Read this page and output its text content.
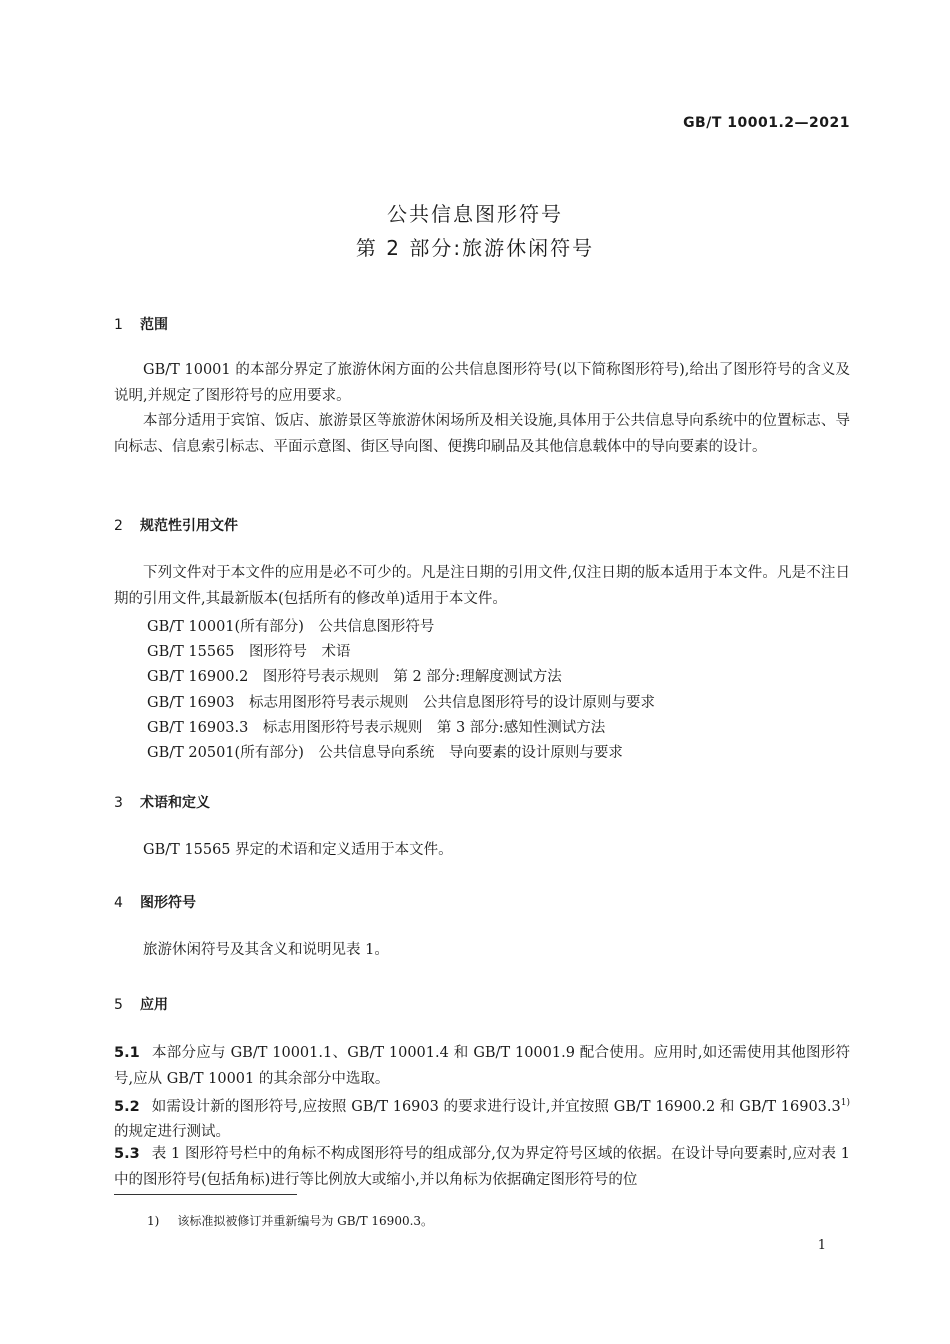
GB/T 10001.2—2021
公共信息图形符号
第 2 部分:旅游休闲符号
1 范围

GB/T 10001 的本部分界定了旅游休闲方面的公共信息图形符号(以下简称图形符号),给出了图形符号的含义及说明,并规定了图形符号的应用要求。

本部分适用于宾馆、饭店、旅游景区等旅游休闲场所及相关设施,具体用于公共信息导向系统中的位置标志、导向标志、信息索引标志、平面示意图、街区导向图、便携印刷品及其他信息载体中的导向要素的设计。

2 规范性引用文件

下列文件对于本文件的应用是必不可少的。凡是注日期的引用文件,仅注日期的版本适用于本文件。凡是不注日期的引用文件,其最新版本(包括所有的修改单)适用于本文件。

GB/T 10001(所有部分)　公共信息图形符号
GB/T 15565　图形符号　术语
GB/T 16900.2　图形符号表示规则　第 2 部分:理解度测试方法
GB/T 16903　标志用图形符号表示规则　公共信息图形符号的设计原则与要求
GB/T 16903.3　标志用图形符号表示规则　第 3 部分:感知性测试方法
GB/T 20501(所有部分)　公共信息导向系统　导向要素的设计原则与要求
3 术语和定义

GB/T 15565 界定的术语和定义适用于本文件。

4 图形符号

旅游休闲符号及其含义和说明见表 1。

5 应用

5.1 本部分应与 GB/T 10001.1、GB/T 10001.4 和 GB/T 10001.9 配合使用。应用时,如还需使用其他图形符号,应从 GB/T 10001 的其余部分中选取。

5.2 如需设计新的图形符号,应按照 GB/T 16903 的要求进行设计,并宜按照 GB/T 16900.2 和 GB/T 16903.3$^{1)}$的规定进行测试。

5.3 表 1 图形符号栏中的角标不构成图形符号的组成部分,仅为界定符号区域的依据。在设计导向要素时,应对表 1 中的图形符号(包括角标)进行等比例放大或缩小,并以角标为依据确定图形符号的位

1) 该标准拟被修订并重新编号为 GB/T 16900.3。
1
